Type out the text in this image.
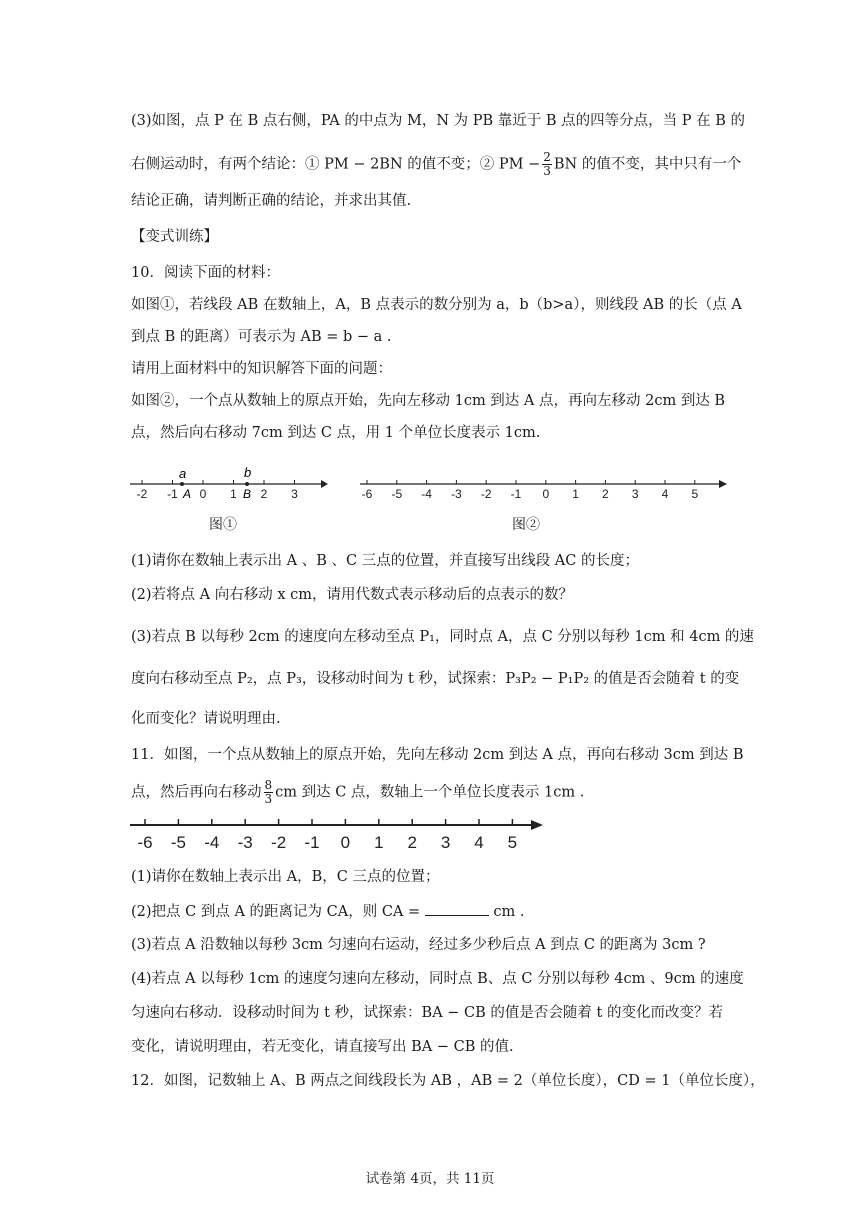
(3)如图，点 P 在 B 点右侧，PA 的中点为 M，N 为 PB 靠近于 B 点的四等分点，当 P 在 B 的
右侧运动时，有两个结论：① PM − 2BN 的值不变；② PM − $\frac{2}{3}$ BN 的值不变，其中只有一个
结论正确，请判断正确的结论，并求出其值.
【变式训练】
10．阅读下面的材料：
如图①，若线段 AB 在数轴上，A，B 点表示的数分别为 a，b（b>a），则线段 AB 的长（点 A
到点 B 的距离）可表示为 AB = b − a .
请用上面材料中的知识解答下面的问题：
如图②，一个点从数轴上的原点开始，先向左移动 1cm 到达 A 点，再向左移动 2cm 到达 B
点，然后向右移动 7cm 到达 C 点，用 1 个单位长度表示 1cm.
-2 -1 0 1 2 3
a	b
A	B
图①
-6 -5 -4 -3 -2 -1 0 1 2 3 4 5
图②
(1)请你在数轴上表示出 A 、B 、C 三点的位置，并直接写出线段 AC 的长度；
(2)若将点 A 向右移动 x cm，请用代数式表示移动后的点表示的数？
(3)若点 B 以每秒 2cm 的速度向左移动至点 P₁，同时点 A，点 C 分别以每秒 1cm 和 4cm 的速
度向右移动至点 P₂，点 P₃，设移动时间为 t 秒，试探索：P₃P₂ − P₁P₂ 的值是否会随着 t 的变
化而变化？请说明理由.
11．如图，一个点从数轴上的原点开始，先向左移动 2cm 到达 A 点，再向右移动 3cm 到达 B
点，然后再向右移动 $\frac{8}{3}$ cm 到达 C 点，数轴上一个单位长度表示 1cm .
-6 -5 -4 -3 -2 -1 0 1 2 3 4 5
(1)请你在数轴上表示出 A，B，C 三点的位置；
(2)把点 C 到点 A 的距离记为 CA，则 CA =	cm .
(3)若点 A 沿数轴以每秒 3cm 匀速向右运动，经过多少秒后点 A 到点 C 的距离为 3cm ?
(4)若点 A 以每秒 1cm 的速度匀速向左移动，同时点 B、点 C 分别以每秒 4cm 、9cm 的速度
匀速向右移动．设移动时间为 t 秒，试探索：BA − CB 的值是否会随着 t 的变化而改变？若
变化，请说明理由，若无变化，请直接写出 BA − CB 的值.
12．如图，记数轴上 A、B 两点之间线段长为 AB ，AB = 2（单位长度），CD = 1（单位长度），
试卷第 4页，共 11页
